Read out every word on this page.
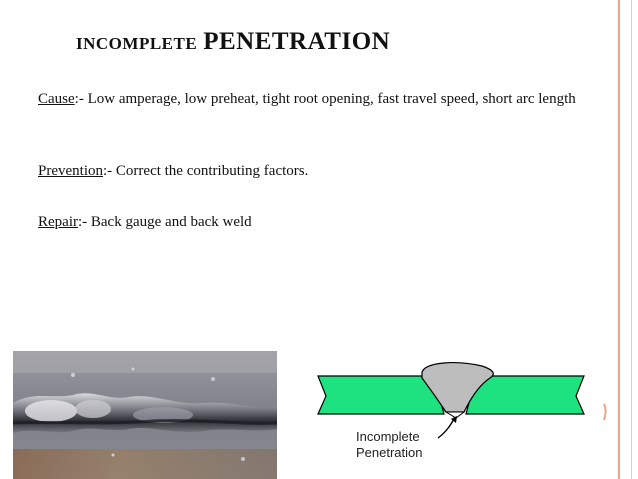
INCOMPLETE PENETRATION
Cause:- Low amperage, low preheat, tight root opening, fast travel speed, short arc length
Prevention:- Correct the contributing factors.
Repair:- Back gauge and back weld
Incomplete
Penetration
